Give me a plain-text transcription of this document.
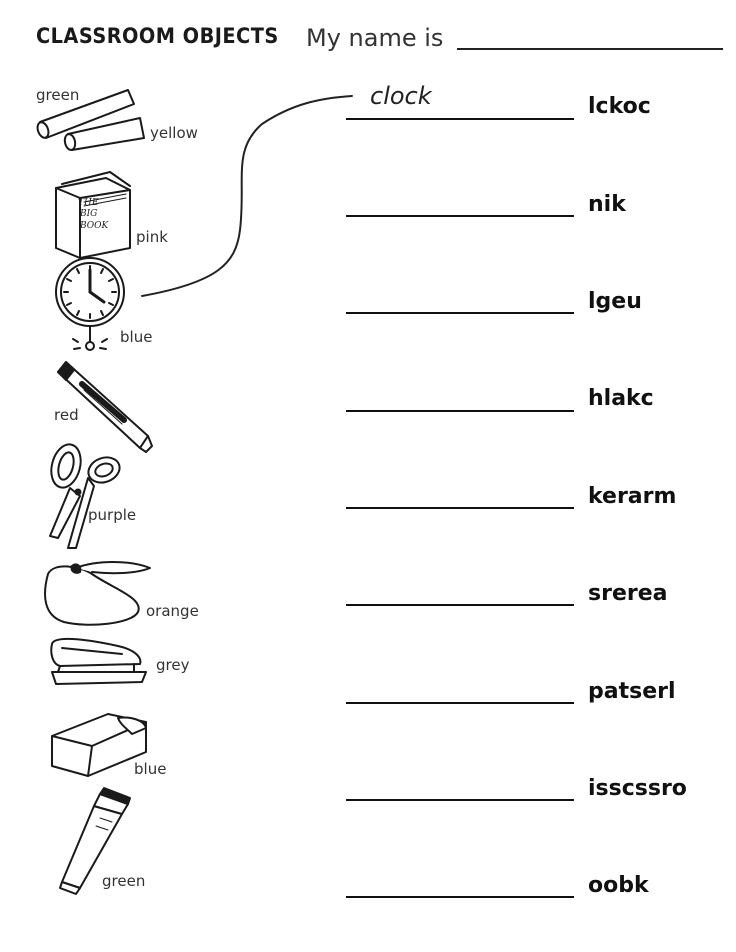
CLASSROOM OBJECTS My name is
THE
BIG
BOOK
green
yellow
pink
blue
red
purple
orange
grey
blue
green
clock	lckoc
nik
lgeu
hlakc
kerarm
srerea
patserl
isscssro
oobk
